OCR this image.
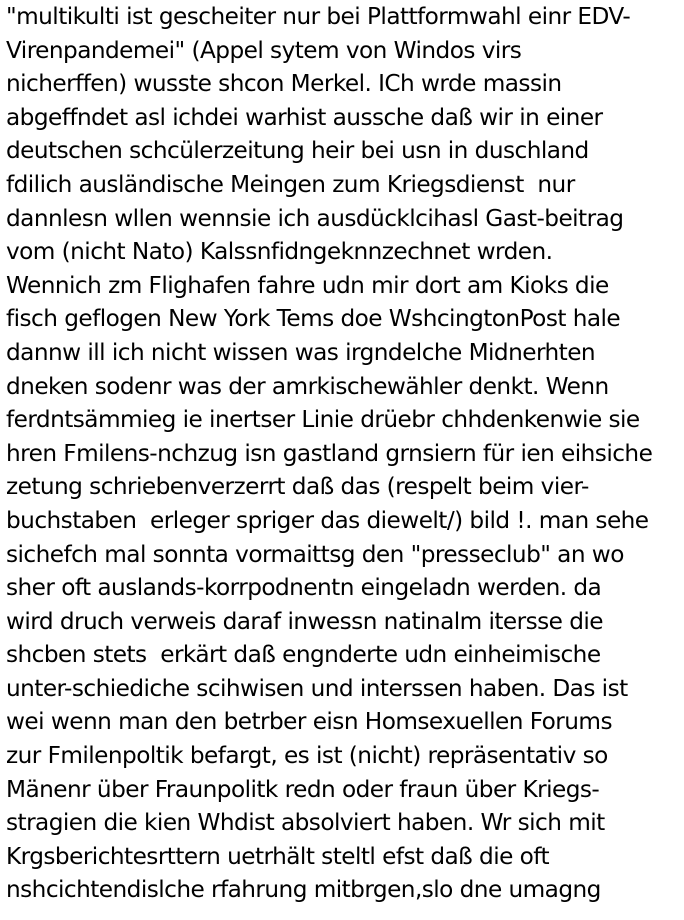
"multikulti ist gescheiter nur bei Plattformwahl einr EDV-
Virenpandemei" (Appel sytem von Windos virs
nicherffen) wusste shcon Merkel. ICh wrde massin
abgeffndet asl ichdei warhist aussche daß wir in einer
deutschen schcülerzeitung heir bei usn in duschland
fdilich ausländische Meingen zum Kriegsdienst  nur
dannlesn wllen wennsie ich ausdücklcihasl Gast-beitrag
vom (nicht Nato) Kalssnfidngeknnzechnet wrden.
Wennich zm Flighafen fahre udn mir dort am Kioks die
fisch geflogen New York Tems doe WshcingtonPost hale
dannw ill ich nicht wissen was irgndelche Midnerhten
dneken sodenr was der amrkischewähler denkt. Wenn
ferdntsämmieg ie inertser Linie drüebr chhdenkenwie sie
hren Fmilens-nchzug isn gastland grnsiern für ien eihsiche
zetung schriebenverzerrt daß das (respelt beim vier-
buchstaben  erleger spriger das diewelt/) bild !. man sehe
sichefch mal sonnta vormaittsg den "presseclub" an wo
sher oft auslands-korrpodnentn eingeladn werden. da
wird druch verweis daraf inwessn natinalm itersse die
shcben stets  erkärt daß engnderte udn einheimische
unter-schiediche scihwisen und interssen haben. Das ist
wei wenn man den betrber eisn Homsexuellen Forums
zur Fmilenpoltik befargt, es ist (nicht) repräsentativ so
Mänenr über Fraunpolitk redn oder fraun über Kriegs-
stragien die kien Whdist absolviert haben. Wr sich mit
Krgsberichtesrttern uetrhält steltl efst daß die oft
nshcichtendislche rfahrung mitbrgen,slo dne umagng
